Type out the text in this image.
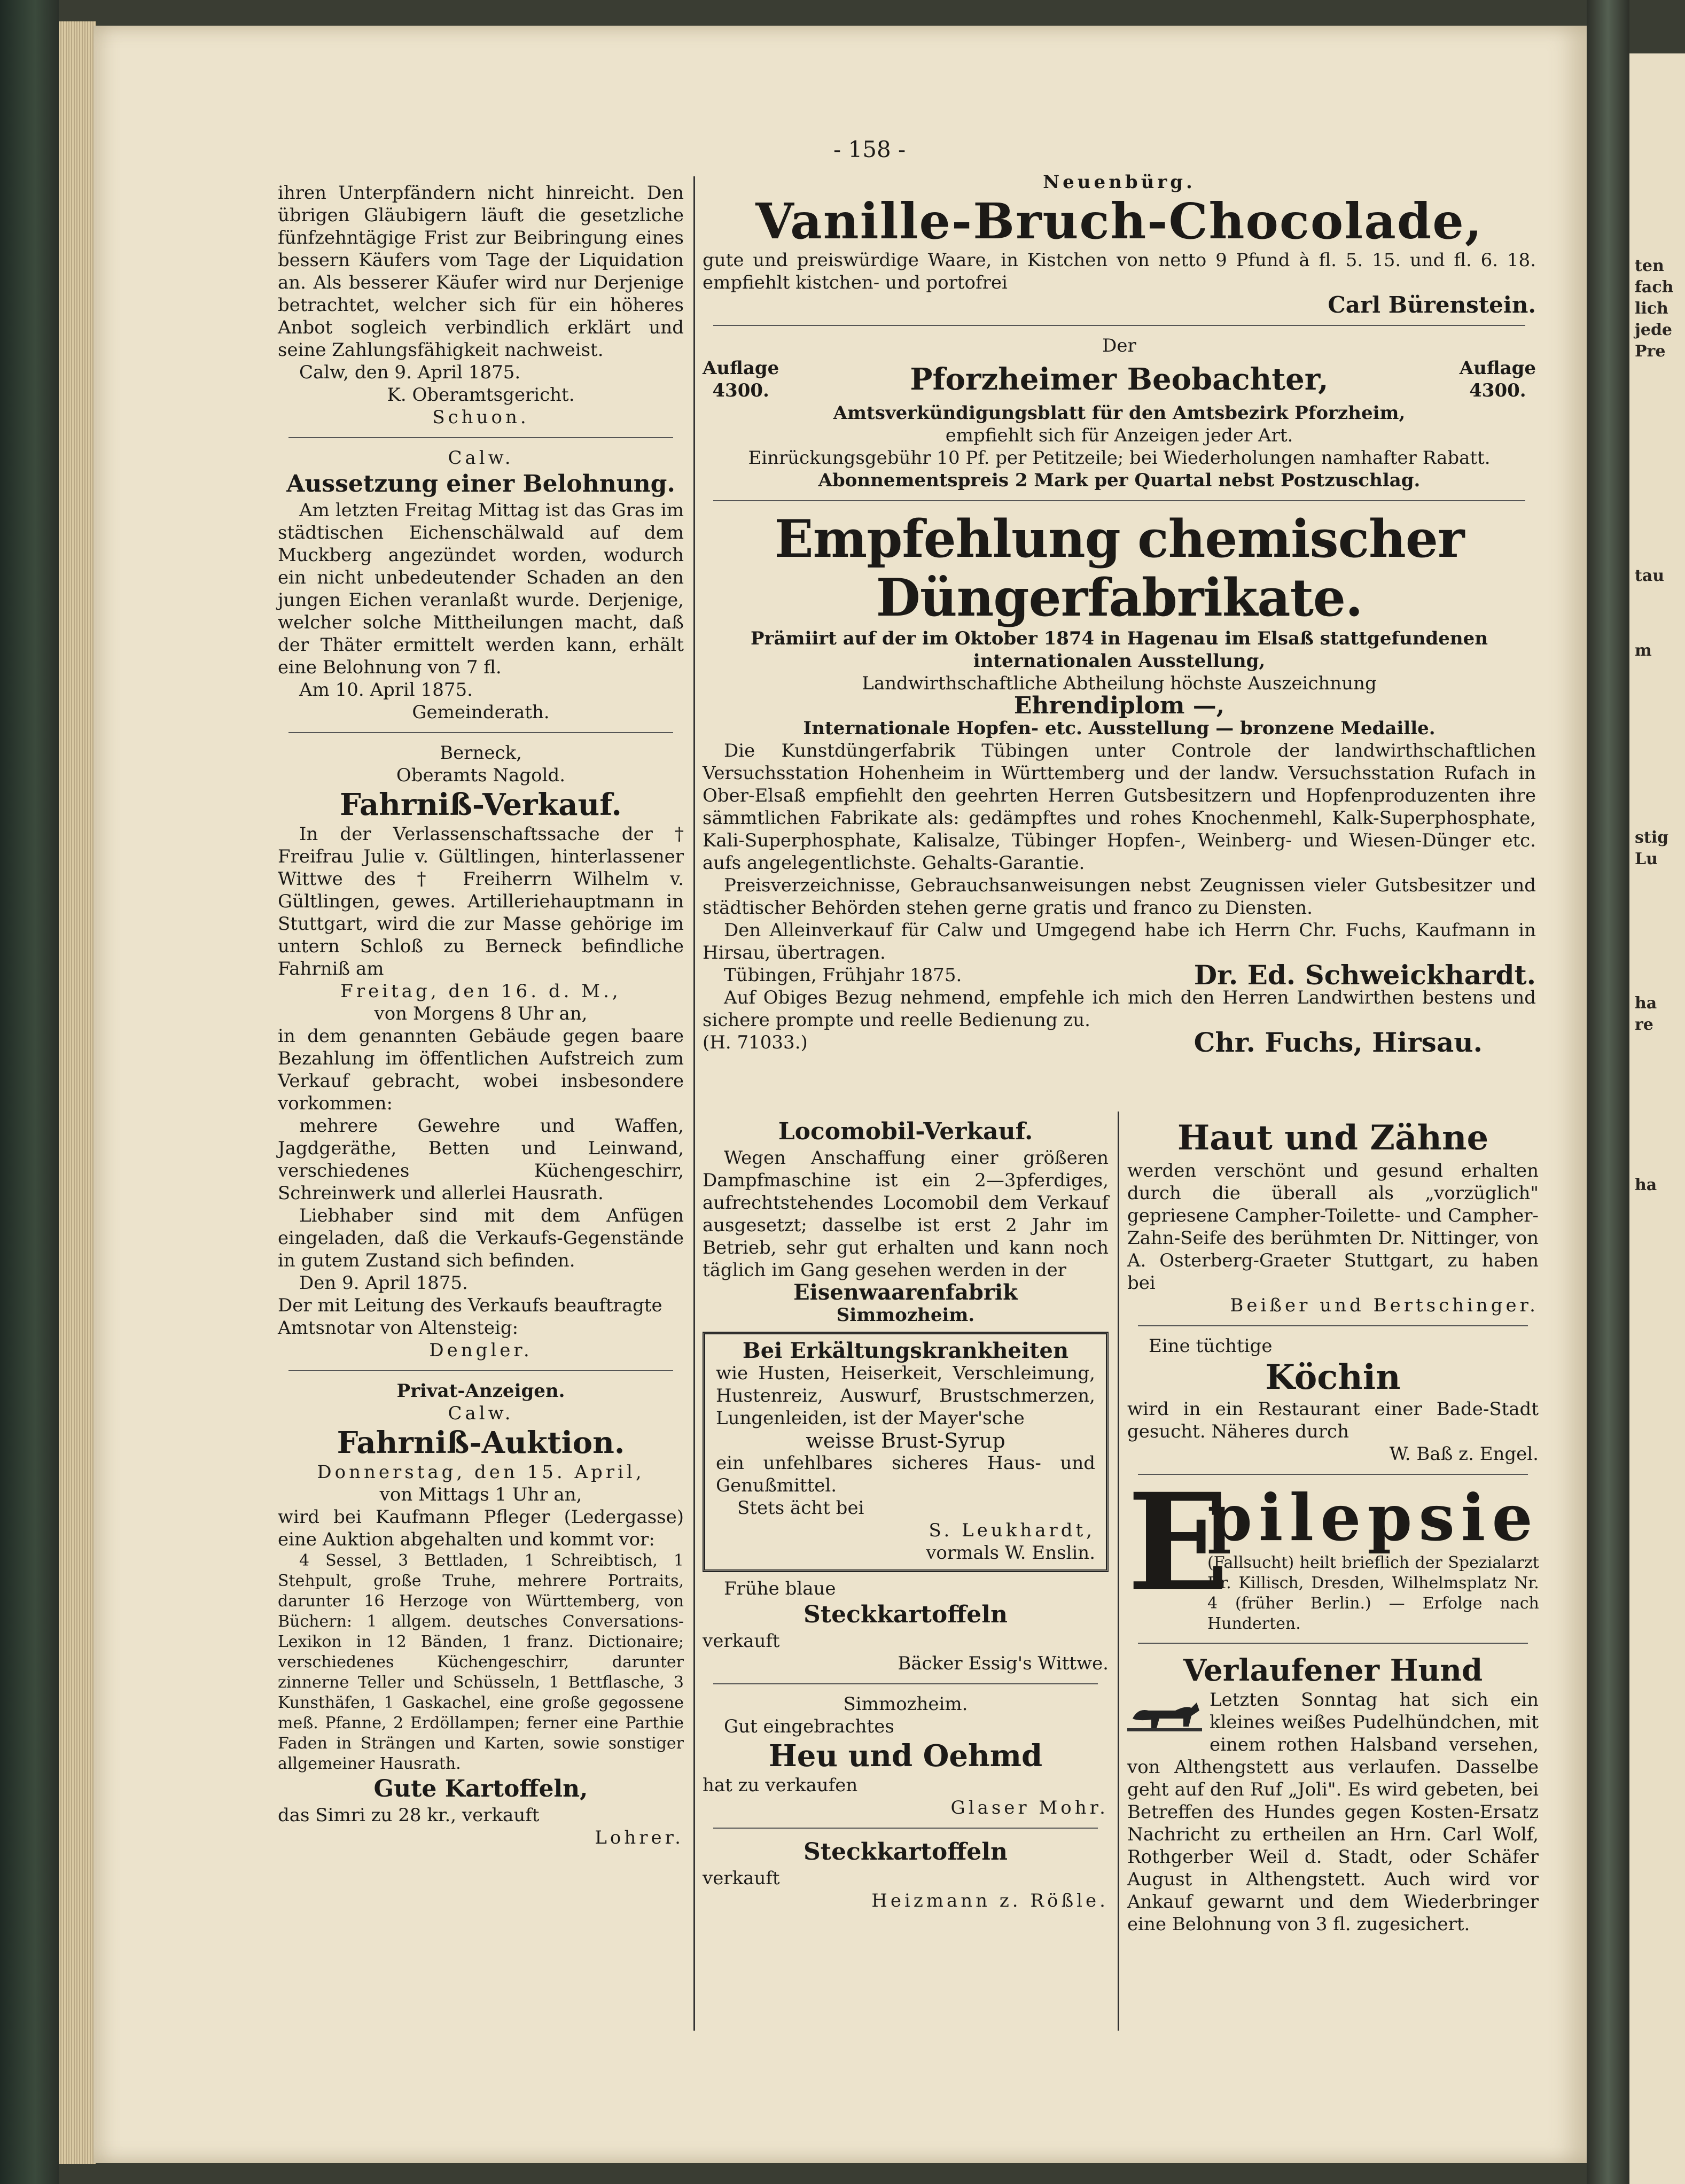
ten
fach
lich
jede
Pre
tau
m
stig
Lu
ha
re
ha
- 158 -
ihren Unterpfändern nicht hinreicht. Den übrigen Gläubigern läuft die gesetzliche fünfzehntägige Frist zur Beibringung eines bessern Käufers vom Tage der Liquidation an. Als besserer Käufer wird nur Derjenige betrachtet, welcher sich für ein höheres Anbot sogleich verbindlich erklärt und seine Zahlungsfähigkeit nachweist.
Calw, den 9. April 1875.
K. Oberamtsgericht.
Schuon.
Calw.
Aussetzung einer Belohnung.
Am letzten Freitag Mittag ist das Gras im städtischen Eichenschälwald auf dem Muckberg angezündet worden, wodurch ein nicht unbedeutender Schaden an den jungen Eichen veranlaßt wurde. Derjenige, welcher solche Mittheilungen macht, daß der Thäter ermittelt werden kann, erhält eine Belohnung von 7 fl.
Am 10. April 1875.
Gemeinderath.
Berneck,
Oberamts Nagold.
Fahrniß-Verkauf.
In der Verlassenschaftssache der † Freifrau Julie v. Gültlingen, hinterlassener Wittwe des † Freiherrn Wilhelm v. Gültlingen, gewes. Artilleriehauptmann in Stuttgart, wird die zur Masse gehörige im untern Schloß zu Berneck befindliche Fahrniß am
Freitag, den 16. d. M.,
von Morgens 8 Uhr an,
in dem genannten Gebäude gegen baare Bezahlung im öffentlichen Aufstreich zum Verkauf gebracht, wobei insbesondere vorkommen:
mehrere Gewehre und Waffen, Jagdgeräthe, Betten und Leinwand, verschiedenes Küchengeschirr, Schreinwerk und allerlei Hausrath.
Liebhaber sind mit dem Anfügen eingeladen, daß die Verkaufs-Gegenstände in gutem Zustand sich befinden.
Den 9. April 1875.
Der mit Leitung des Verkaufs beauftragte Amtsnotar von Altensteig:
Dengler.
Privat-Anzeigen.
Calw.
Fahrniß-Auktion.
Donnerstag, den 15. April,
von Mittags 1 Uhr an,
wird bei Kaufmann Pfleger (Ledergasse) eine Auktion abgehalten und kommt vor:
4 Sessel, 3 Bettladen, 1 Schreibtisch, 1 Stehpult, große Truhe, mehrere Portraits, darunter 16 Herzoge von Württemberg, von Büchern: 1 allgem. deutsches Conversations-Lexikon in 12 Bänden, 1 franz. Dictionaire; verschiedenes Küchengeschirr, darunter zinnerne Teller und Schüsseln, 1 Bettflasche, 3 Kunsthäfen, 1 Gaskachel, eine große gegossene meß. Pfanne, 2 Erdöllampen; ferner eine Parthie Faden in Strängen und Karten, sowie sonstiger allgemeiner Hausrath.
Gute Kartoffeln,
das Simri zu 28 kr., verkauft
Lohrer.
Neuenbürg.
Vanille-Bruch-Chocolade,
gute und preiswürdige Waare, in Kistchen von netto 9 Pfund à fl. 5. 15. und fl. 6. 18. empfiehlt kistchen- und portofrei
Carl Bürenstein.
Der
Auflage
4300.	Pforzheimer Beobachter,	Auflage
4300.
Amtsverkündigungsblatt für den Amtsbezirk Pforzheim,
empfiehlt sich für Anzeigen jeder Art.
Einrückungsgebühr 10 Pf. per Petitzeile; bei Wiederholungen namhafter Rabatt.
Abonnementspreis 2 Mark per Quartal nebst Postzuschlag.
Empfehlung chemischer Düngerfabrikate.
Prämiirt auf der im Oktober 1874 in Hagenau im Elsaß stattgefundenen internationalen Ausstellung,
Landwirthschaftliche Abtheilung höchste Auszeichnung
Ehrendiplom —,
Internationale Hopfen- etc. Ausstellung — bronzene Medaille.
Die Kunstdüngerfabrik Tübingen unter Controle der landwirthschaftlichen Versuchsstation Hohenheim in Württemberg und der landw. Versuchsstation Rufach in Ober-Elsaß empfiehlt den geehrten Herren Gutsbesitzern und Hopfenproduzenten ihre sämmtlichen Fabrikate als: gedämpftes und rohes Knochenmehl, Kalk-Superphosphate, Kali-Superphosphate, Kalisalze, Tübinger Hopfen-, Weinberg- und Wiesen-Dünger etc. aufs angelegentlichste. Gehalts-Garantie.
Preisverzeichnisse, Gebrauchsanweisungen nebst Zeugnissen vieler Gutsbesitzer und städtischer Behörden stehen gerne gratis und franco zu Diensten.
Den Alleinverkauf für Calw und Umgegend habe ich Herrn Chr. Fuchs, Kaufmann in Hirsau, übertragen.
Tübingen, Frühjahr 1875.	Dr. Ed. Schweickhardt.
Auf Obiges Bezug nehmend, empfehle ich mich den Herren Landwirthen bestens und sichere prompte und reelle Bedienung zu.
(H. 71033.)	Chr. Fuchs, Hirsau.
Locomobil-Verkauf.
Wegen Anschaffung einer größeren Dampfmaschine ist ein 2—3pferdiges, aufrechtstehendes Locomobil dem Verkauf ausgesetzt; dasselbe ist erst 2 Jahr im Betrieb, sehr gut erhalten und kann noch täglich im Gang gesehen werden in der
Eisenwaarenfabrik
Simmozheim.
Bei Erkältungskrankheiten
wie Husten, Heiserkeit, Verschleimung, Hustenreiz, Auswurf, Brustschmerzen, Lungenleiden, ist der Mayer'sche
weisse Brust-Syrup
ein unfehlbares sicheres Haus- und Genußmittel.
Stets ächt bei
S. Leukhardt,
vormals W. Enslin.
Frühe blaue
Steckkartoffeln
verkauft
Bäcker Essig's Wittwe.
Simmozheim.
Gut eingebrachtes
Heu und Oehmd
hat zu verkaufen
Glaser Mohr.
Steckkartoffeln
verkauft
Heizmann z. Rößle.
Haut und Zähne
werden verschönt und gesund erhalten durch die überall als „vorzüglich" gepriesene Campher-Toilette- und Campher-Zahn-Seife des berühmten Dr. Nittinger, von A. Osterberg-Graeter Stuttgart, zu haben bei
Beißer und Bertschinger.
Eine tüchtige
Köchin
wird in ein Restaurant einer Bade-Stadt gesucht. Näheres durch
W. Baß z. Engel.
E
pilepsie
(Fallsucht) heilt brieflich der Spezialarzt Dr. Killisch, Dresden, Wilhelmsplatz Nr. 4 (früher Berlin.) — Erfolge nach Hunderten.
Verlaufener Hund
Letzten Sonntag hat sich ein kleines weißes Pudelhündchen, mit einem rothen Halsband versehen, von Althengstett aus verlaufen. Dasselbe geht auf den Ruf „Joli". Es wird gebeten, bei Betreffen des Hundes gegen Kosten-Ersatz Nachricht zu ertheilen an Hrn. Carl Wolf, Rothgerber Weil d. Stadt, oder Schäfer August in Althengstett. Auch wird vor Ankauf gewarnt und dem Wiederbringer eine Belohnung von 3 fl. zugesichert.
